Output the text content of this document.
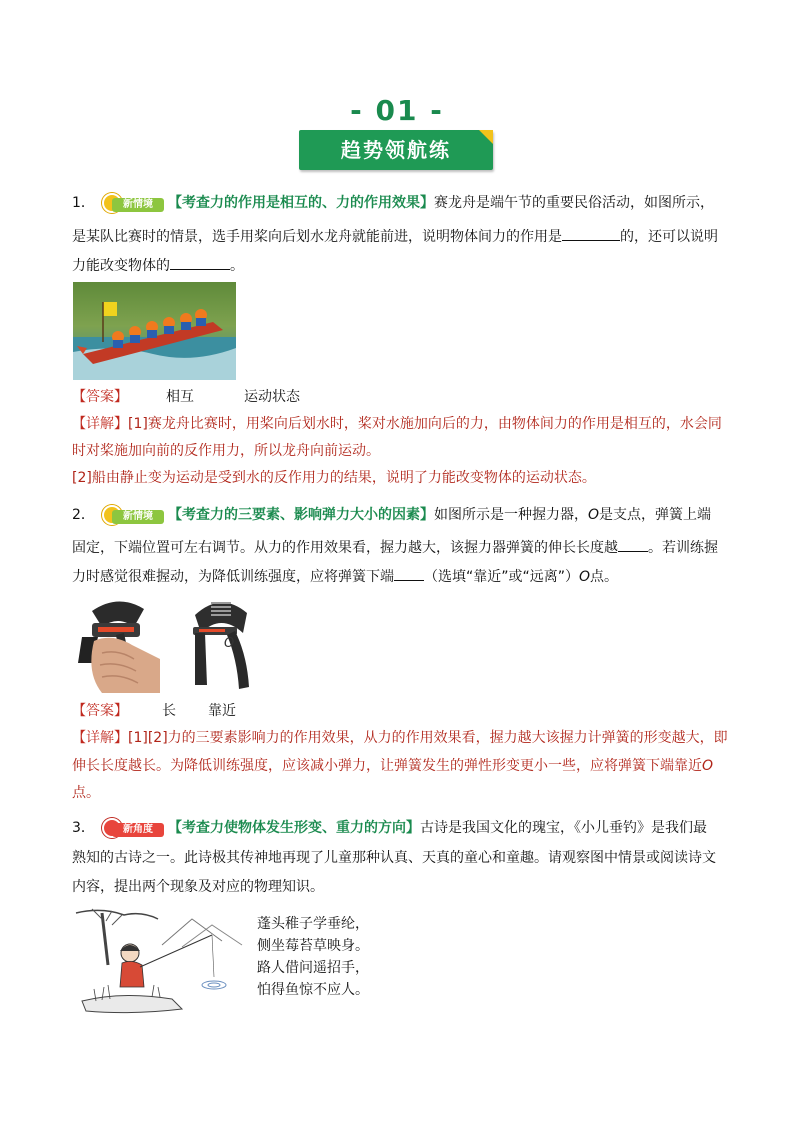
- 01 -
趋势领航练
1．	新情境	【考查力的作用是相互的、力的作用效果】赛龙舟是端午节的重要民俗活动，如图所示，
是某队比赛时的情景，选手用桨向后划水龙舟就能前进，说明物体间力的作用是	的，还可以说明
力能改变物体的	。
【答案】	相互	运动状态
【详解】[1]赛龙舟比赛时，用桨向后划水时，桨对水施加向后的力，由物体间力的作用是相互的，水会同
时对桨施加向前的反作用力，所以龙舟向前运动。
[2]船由静止变为运动是受到水的反作用力的结果，说明了力能改变物体的运动状态。
2．	新情境	【考查力的三要素、影响弹力大小的因素】如图所示是一种握力器，O是支点，弹簧上端
固定，下端位置可左右调节。从力的作用效果看，握力越大，该握力器弹簧的伸长长度越 。若训练握
力时感觉很难握动，为降低训练强度，应将弹簧下端 （选填“靠近”或“远离”）O点。
O
【答案】 长 靠近
【详解】[1][2]力的三要素影响力的作用效果，从力的作用效果看，握力越大该握力计弹簧的形变越大，即
伸长长度越长。为降低训练强度，应该减小弹力，让弹簧发生的弹性形变更小一些，应将弹簧下端靠近O
点。
3．	新角度	【考查力使物体发生形变、重力的方向】古诗是我国文化的瑰宝，《小儿垂钓》是我们最
熟知的古诗之一。此诗极其传神地再现了儿童那种认真、天真的童心和童趣。请观察图中情景或阅读诗文
内容，提出两个现象及对应的物理知识。
蓬头稚子学垂纶，
侧坐莓苔草映身。
路人借问遥招手，
怕得鱼惊不应人。
